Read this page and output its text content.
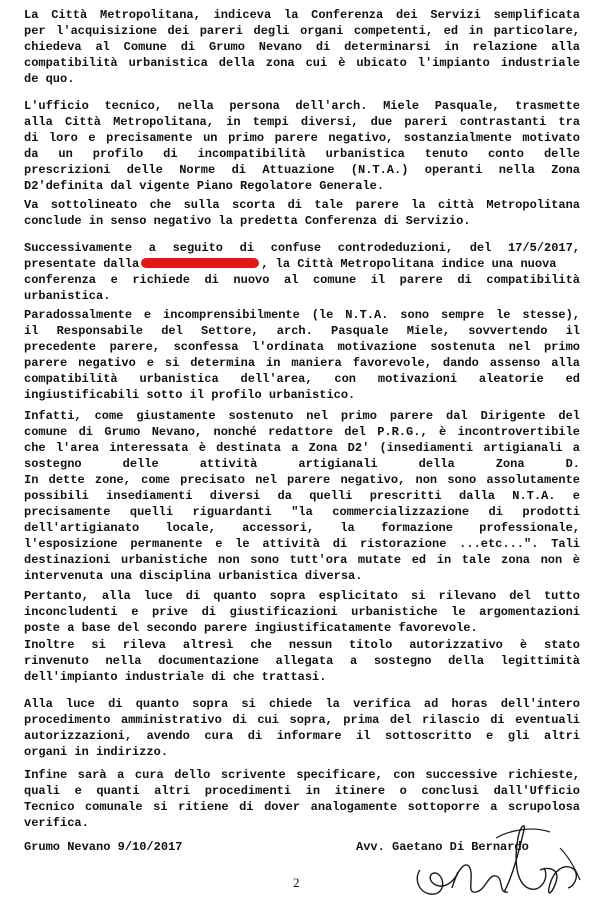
La Città Metropolitana, indiceva la Conferenza dei Servizi semplificata
per l'acquisizione dei pareri degli organi competenti, ed in particolare,
chiedeva al Comune di Grumo Nevano di determinarsi in relazione alla
compatibilità urbanistica della zona cui è ubicato l'impianto industriale
de quo.
L'ufficio tecnico, nella persona dell'arch. Miele Pasquale, trasmette
alla Città Metropolitana, in tempi diversi, due pareri contrastanti tra
di loro e precisamente un primo parere negativo, sostanzialmente motivato
da un profilo di incompatibilità urbanistica tenuto conto delle
prescrizioni delle Norme di Attuazione (N.T.A.) operanti nella Zona
D2'definita dal vigente Piano Regolatore Generale.
Va sottolineato che sulla scorta di tale parere la città Metropolitana
conclude in senso negativo la predetta Conferenza di Servizio.
Successivamente a seguito di confuse controdeduzioni, del 17/5/2017,
presentate dalla	, la Città Metropolitana indice una nuova
conferenza e richiede di nuovo al comune il parere di compatibilità
urbanistica.
Paradossalmente e incomprensibilmente (le N.T.A. sono sempre le stesse),
il Responsabile del Settore, arch. Pasquale Miele, sovvertendo il
precedente parere, sconfessa l'ordinata motivazione sostenuta nel primo
parere negativo e si determina in maniera favorevole, dando assenso alla
compatibilità urbanistica dell'area, con motivazioni aleatorie ed
ingiustificabili sotto il profilo urbanistico.
Infatti, come giustamente sostenuto nel primo parere dal Dirigente del
comune di Grumo Nevano, nonché redattore del P.R.G., è incontrovertibile
che l'area interessata è destinata a Zona D2' (insediamenti artigianali a
sostegno delle attività artigianali della Zona D.
In dette zone, come precisato nel parere negativo, non sono assolutamente
possibili insediamenti diversi da quelli prescritti dalla N.T.A. e
precisamente quelli riguardanti "la commercializzazione di prodotti
dell'artigianato locale, accessori, la formazione professionale,
l'esposizione permanente e le attività di ristorazione ...etc...". Tali
destinazioni urbanistiche non sono tutt'ora mutate ed in tale zona non è
intervenuta una disciplina urbanistica diversa.
Pertanto, alla luce di quanto sopra esplicitato si rilevano del tutto
inconcludenti e prive di giustificazioni urbanistiche le argomentazioni
poste a base del secondo parere ingiustificatamente favorevole.
Inoltre si rileva altresì che nessun titolo autorizzativo è stato
rinvenuto nella documentazione allegata a sostegno della legittimità
dell'impianto industriale di che trattasi.
Alla luce di quanto sopra si chiede la verifica ad horas dell'intero
procedimento amministrativo di cui sopra, prima del rilascio di eventuali
autorizzazioni, avendo cura di informare il sottoscritto e gli altri
organi in indirizzo.
Infine sarà a cura dello scrivente specificare, con successive richieste,
quali e quanti altri procedimenti in itinere o conclusi dall'Ufficio
Tecnico comunale si ritiene di dover analogamente sottoporre a scrupolosa
verifica.
Grumo Nevano 9/10/2017	Avv. Gaetano Di Bernardo
2
